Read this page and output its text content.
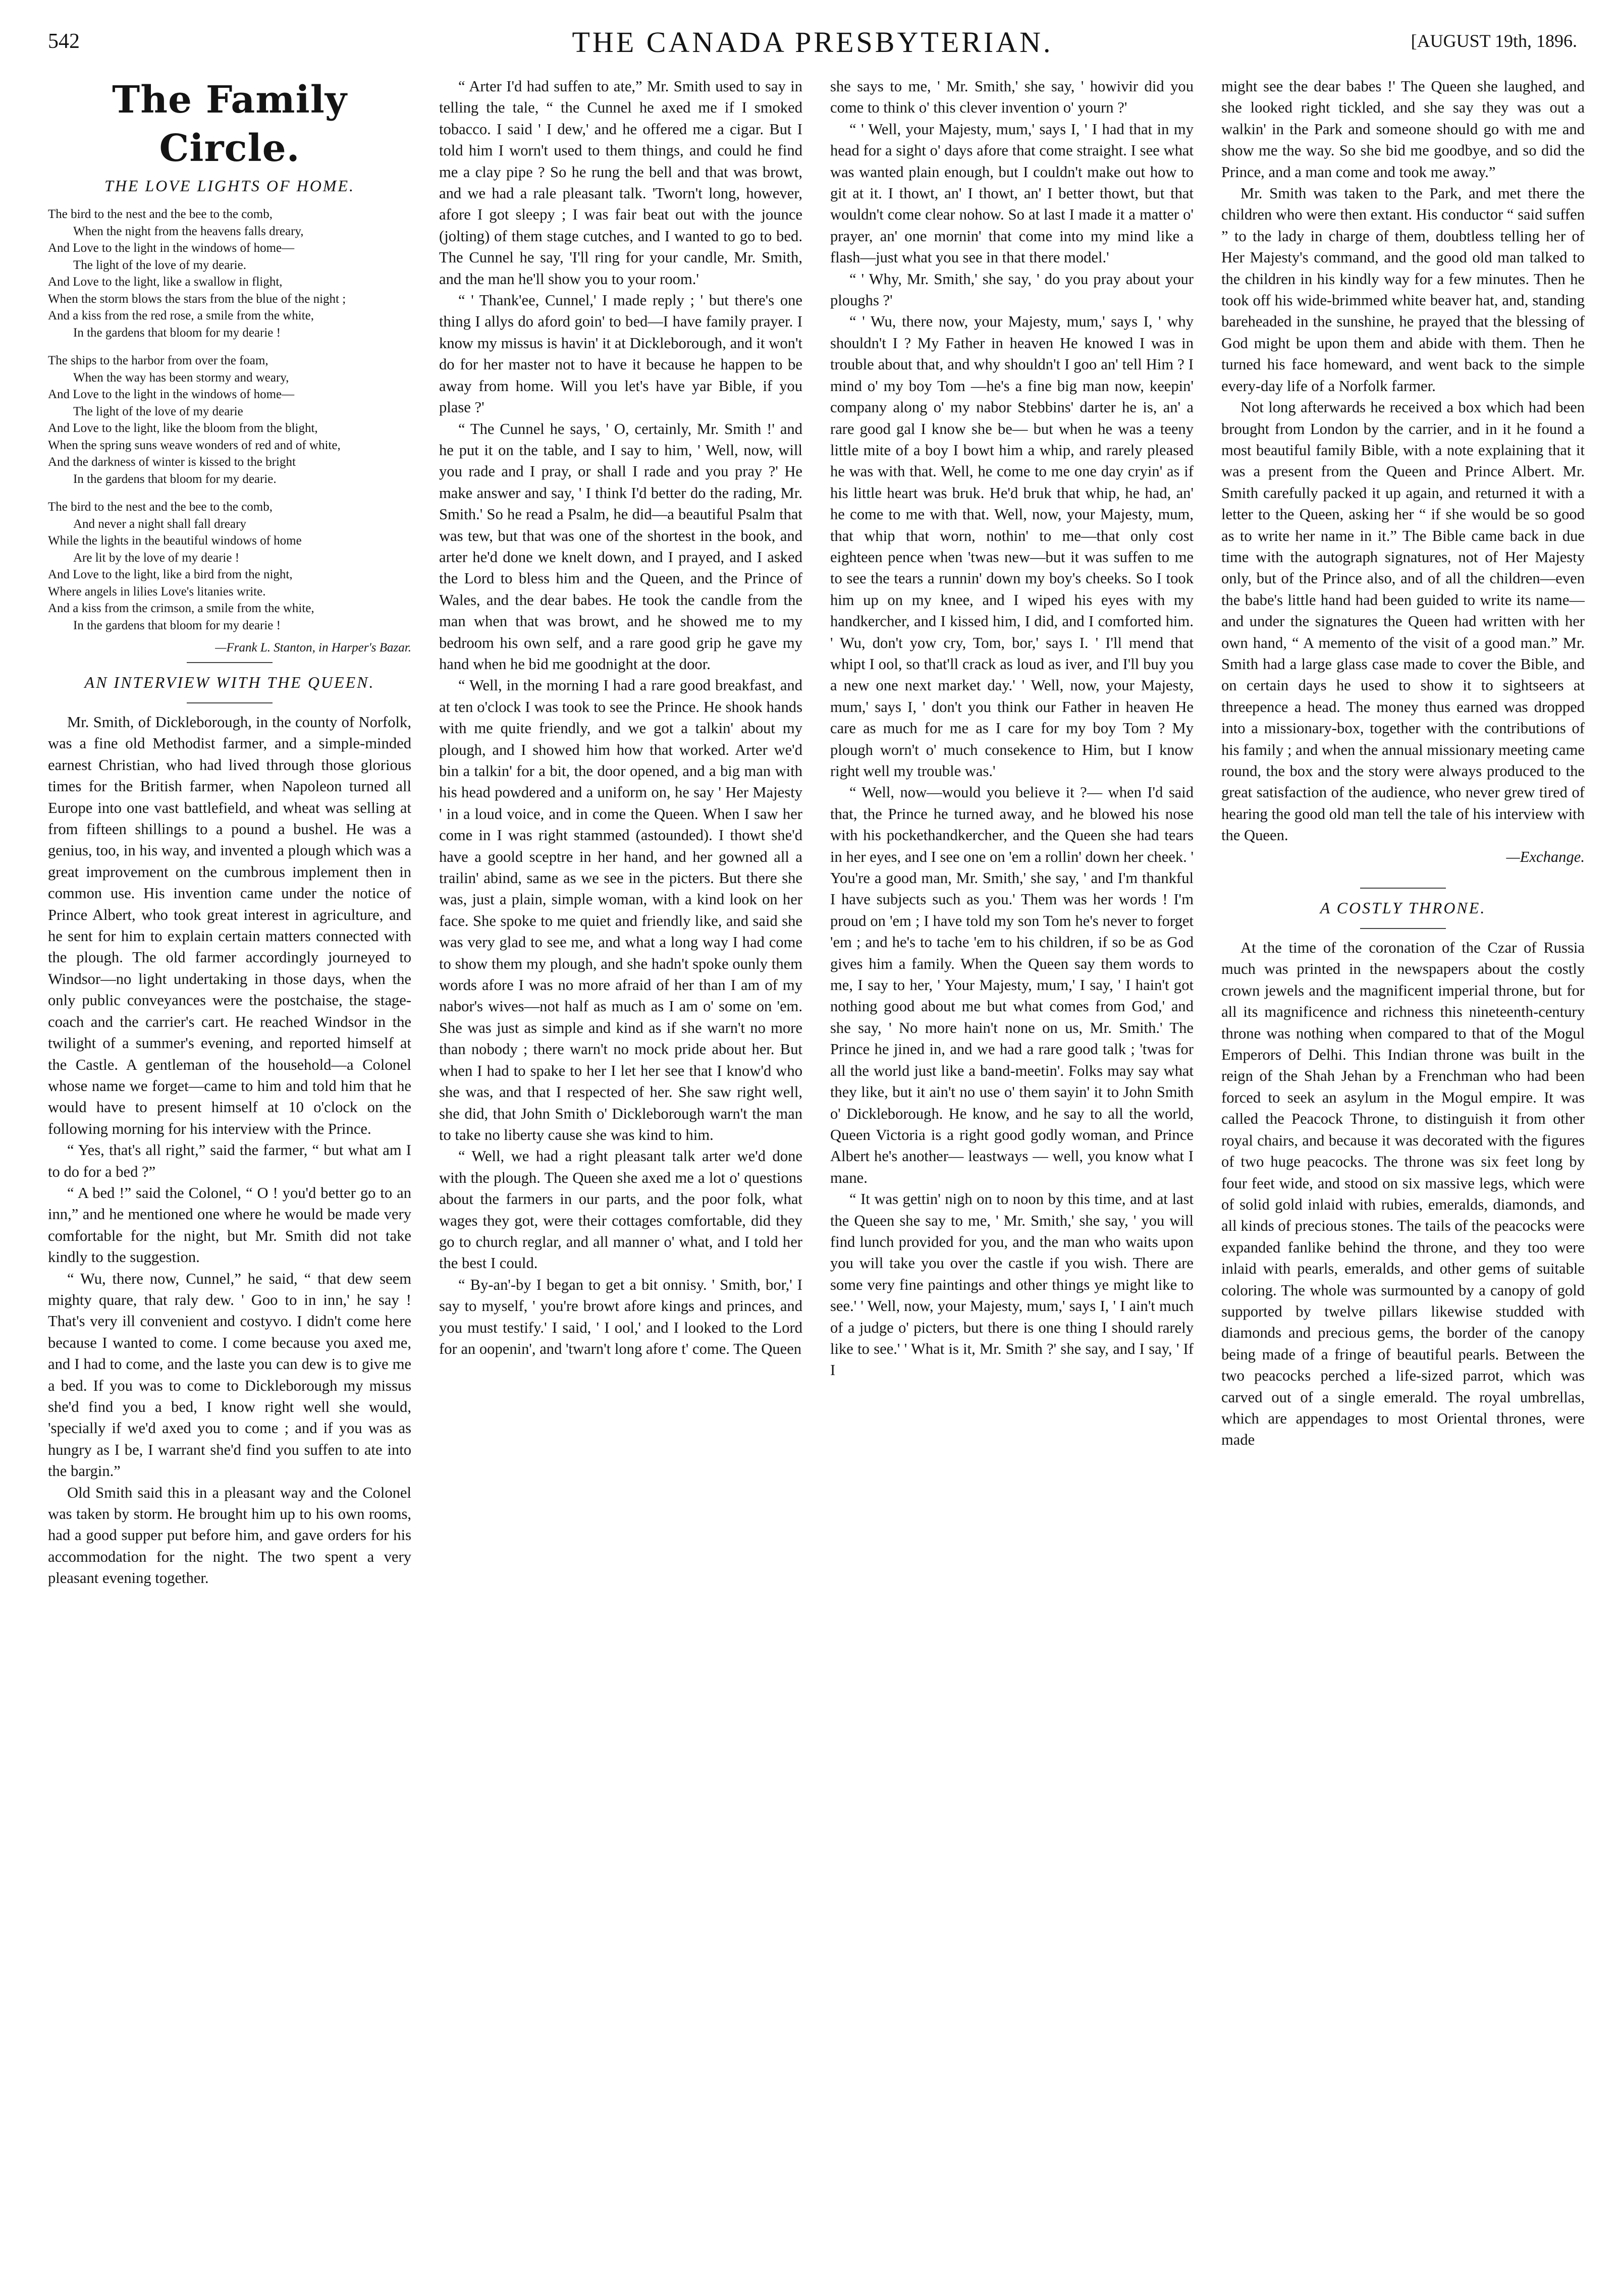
542	THE CANADA PRESBYTERIAN.	[AUGUST 19th, 1896.
The Family Circle.
THE LOVE LIGHTS OF HOME.
The bird to the nest and the bee to the comb,
When the night from the heavens falls dreary,
And Love to the light in the windows of home—
The light of the love of my dearie.
And Love to the light, like a swallow in flight,
When the storm blows the stars from the blue of the night ;
And a kiss from the red rose, a smile from the white,
In the gardens that bloom for my dearie !
The ships to the harbor from over the foam,
When the way has been stormy and weary,
And Love to the light in the windows of home—
The light of the love of my dearie
And Love to the light, like the bloom from the blight,
When the spring suns weave wonders of red and of white,
And the darkness of winter is kissed to the bright
In the gardens that bloom for my dearie.
The bird to the nest and the bee to the comb,
And never a night shall fall dreary
While the lights in the beautiful windows of home
Are lit by the love of my dearie !
And Love to the light, like a bird from the night,
Where angels in lilies Love's litanies write.
And a kiss from the crimson, a smile from the white,
In the gardens that bloom for my dearie !
—Frank L. Stanton, in Harper's Bazar.
AN INTERVIEW WITH THE QUEEN.

Mr. Smith, of Dickleborough, in the county of Norfolk, was a fine old Methodist farmer, and a simple-minded earnest Christian, who had lived through those glorious times for the British farmer, when Napoleon turned all Europe into one vast battlefield, and wheat was selling at from fifteen shillings to a pound a bushel. He was a genius, too, in his way, and invented a plough which was a great improvement on the cumbrous implement then in common use. His invention came under the notice of Prince Albert, who took great interest in agriculture, and he sent for him to explain certain matters connected with the plough. The old farmer accordingly journeyed to Windsor—no light undertaking in those days, when the only public conveyances were the postchaise, the stage-coach and the carrier's cart. He reached Windsor in the twilight of a summer's evening, and reported himself at the Castle. A gentleman of the household—a Colonel whose name we forget—came to him and told him that he would have to present himself at 10 o'clock on the following morning for his interview with the Prince.

“ Yes, that's all right,” said the farmer, “ but what am I to do for a bed ?”

“ A bed !” said the Colonel, “ O ! you'd better go to an inn,” and he mentioned one where he would be made very comfortable for the night, but Mr. Smith did not take kindly to the suggestion.

“ Wu, there now, Cunnel,” he said, “ that dew seem mighty quare, that raly dew. ' Goo to in inn,' he say ! That's very ill convenient and costyvo. I didn't come here because I wanted to come. I come because you axed me, and I had to come, and the laste you can dew is to give me a bed. If you was to come to Dickleborough my missus she'd find you a bed, I know right well she would, 'specially if we'd axed you to come ; and if you was as hungry as I be, I warrant she'd find you suffen to ate into the bargin.”

Old Smith said this in a pleasant way and the Colonel was taken by storm. He brought him up to his own rooms, had a good supper put before him, and gave orders for his accommodation for the night. The two spent a very pleasant evening together.

“ Arter I'd had suffen to ate,” Mr. Smith used to say in telling the tale, “ the Cunnel he axed me if I smoked tobacco. I said ' I dew,' and he offered me a cigar. But I told him I worn't used to them things, and could he find me a clay pipe ? So he rung the bell and that was browt, and we had a rale pleasant talk. 'Tworn't long, however, afore I got sleepy ; I was fair beat out with the jounce (jolting) of them stage cutches, and I wanted to go to bed. The Cunnel he say, 'I'll ring for your candle, Mr. Smith, and the man he'll show you to your room.'

“ ' Thank'ee, Cunnel,' I made reply ; ' but there's one thing I allys do aford goin' to bed—I have family prayer. I know my missus is havin' it at Dickleborough, and it won't do for her master not to have it because he happen to be away from home. Will you let's have yar Bible, if you plase ?'

“ The Cunnel he says, ' O, certainly, Mr. Smith !' and he put it on the table, and I say to him, ' Well, now, will you rade and I pray, or shall I rade and you pray ?' He make answer and say, ' I think I'd better do the rading, Mr. Smith.' So he read a Psalm, he did—a beautiful Psalm that was tew, but that was one of the shortest in the book, and arter he'd done we knelt down, and I prayed, and I asked the Lord to bless him and the Queen, and the Prince of Wales, and the dear babes. He took the candle from the man when that was browt, and he showed me to my bedroom his own self, and a rare good grip he gave my hand when he bid me goodnight at the door.

“ Well, in the morning I had a rare good breakfast, and at ten o'clock I was took to see the Prince. He shook hands with me quite friendly, and we got a talkin' about my plough, and I showed him how that worked. Arter we'd bin a talkin' for a bit, the door opened, and a big man with his head powdered and a uniform on, he say ' Her Majesty ' in a loud voice, and in come the Queen. When I saw her come in I was right stammed (astounded). I thowt she'd have a goold sceptre in her hand, and her gowned all a trailin' abind, same as we see in the picters. But there she was, just a plain, simple woman, with a kind look on her face. She spoke to me quiet and friendly like, and said she was very glad to see me, and what a long way I had come to show them my plough, and she hadn't spoke ounly them words afore I was no more afraid of her than I am of my nabor's wives—not half as much as I am o' some on 'em. She was just as simple and kind as if she warn't no more than nobody ; there warn't no mock pride about her. But when I had to spake to her I let her see that I know'd who she was, and that I respected of her. She saw right well, she did, that John Smith o' Dickleborough warn't the man to take no liberty cause she was kind to him.

“ Well, we had a right pleasant talk arter we'd done with the plough. The Queen she axed me a lot o' questions about the farmers in our parts, and the poor folk, what wages they got, were their cottages comfortable, did they go to church reglar, and all manner o' what, and I told her the best I could.

“ By-an'-by I began to get a bit onnisy. ' Smith, bor,' I say to myself, ' you're browt afore kings and princes, and you must testify.' I said, ' I ool,' and I looked to the Lord for an oopenin', and 'twarn't long afore t' come. The Queen

she says to me, ' Mr. Smith,' she say, ' howivir did you come to think o' this clever invention o' yourn ?'

“ ' Well, your Majesty, mum,' says I, ' I had that in my head for a sight o' days afore that come straight. I see what was wanted plain enough, but I couldn't make out how to git at it. I thowt, an' I thowt, an' I better thowt, but that wouldn't come clear nohow. So at last I made it a matter o' prayer, an' one mornin' that come into my mind like a flash—just what you see in that there model.'

“ ' Why, Mr. Smith,' she say, ' do you pray about your ploughs ?'

“ ' Wu, there now, your Majesty, mum,' says I, ' why shouldn't I ? My Father in heaven He knowed I was in trouble about that, and why shouldn't I goo an' tell Him ? I mind o' my boy Tom —he's a fine big man now, keepin' company along o' my nabor Stebbins' darter he is, an' a rare good gal I know she be— but when he was a teeny little mite of a boy I bowt him a whip, and rarely pleased he was with that. Well, he come to me one day cryin' as if his little heart was bruk. He'd bruk that whip, he had, an' he come to me with that. Well, now, your Majesty, mum, that whip that worn, nothin' to me—that only cost eighteen pence when 'twas new—but it was suffen to me to see the tears a runnin' down my boy's cheeks. So I took him up on my knee, and I wiped his eyes with my handkercher, and I kissed him, I did, and I comforted him. ' Wu, don't yow cry, Tom, bor,' says I. ' I'll mend that whipt I ool, so that'll crack as loud as iver, and I'll buy you a new one next market day.' ' Well, now, your Majesty, mum,' says I, ' don't you think our Father in heaven He care as much for me as I care for my boy Tom ? My plough worn't o' much consekence to Him, but I know right well my trouble was.'

“ Well, now—would you believe it ?— when I'd said that, the Prince he turned away, and he blowed his nose with his pockethandkercher, and the Queen she had tears in her eyes, and I see one on 'em a rollin' down her cheek. ' You're a good man, Mr. Smith,' she say, ' and I'm thankful I have subjects such as you.' Them was her words ! I'm proud on 'em ; I have told my son Tom he's never to forget 'em ; and he's to tache 'em to his children, if so be as God gives him a family. When the Queen say them words to me, I say to her, ' Your Majesty, mum,' I say, ' I hain't got nothing good about me but what comes from God,' and she say, ' No more hain't none on us, Mr. Smith.' The Prince he jined in, and we had a rare good talk ; 'twas for all the world just like a band-meetin'. Folks may say what they like, but it ain't no use o' them sayin' it to John Smith o' Dickleborough. He know, and he say to all the world, Queen Victoria is a right good godly woman, and Prince Albert he's another— leastways — well, you know what I mane.

“ It was gettin' nigh on to noon by this time, and at last the Queen she say to me, ' Mr. Smith,' she say, ' you will find lunch provided for you, and the man who waits upon you will take you over the castle if you wish. There are some very fine paintings and other things ye might like to see.' ' Well, now, your Majesty, mum,' says I, ' I ain't much of a judge o' picters, but there is one thing I should rarely like to see.' ' What is it, Mr. Smith ?' she say, and I say, ' If I

might see the dear babes !' The Queen she laughed, and she looked right tickled, and she say they was out a walkin' in the Park and someone should go with me and show me the way. So she bid me goodbye, and so did the Prince, and a man come and took me away.”

Mr. Smith was taken to the Park, and met there the children who were then extant. His conductor “ said suffen ” to the lady in charge of them, doubtless telling her of Her Majesty's command, and the good old man talked to the children in his kindly way for a few minutes. Then he took off his wide-brimmed white beaver hat, and, standing bareheaded in the sunshine, he prayed that the blessing of God might be upon them and abide with them. Then he turned his face homeward, and went back to the simple every-day life of a Norfolk farmer.

Not long afterwards he received a box which had been brought from London by the carrier, and in it he found a most beautiful family Bible, with a note explaining that it was a present from the Queen and Prince Albert. Mr. Smith carefully packed it up again, and returned it with a letter to the Queen, asking her “ if she would be so good as to write her name in it.” The Bible came back in due time with the autograph signatures, not of Her Majesty only, but of the Prince also, and of all the children—even the babe's little hand had been guided to write its name—and under the signatures the Queen had written with her own hand, “ A memento of the visit of a good man.” Mr. Smith had a large glass case made to cover the Bible, and on certain days he used to show it to sightseers at threepence a head. The money thus earned was dropped into a missionary-box, together with the contributions of his family ; and when the annual missionary meeting came round, the box and the story were always produced to the great satisfaction of the audience, who never grew tired of hearing the good old man tell the tale of his interview with the Queen.

—Exchange.

A COSTLY THRONE.

At the time of the coronation of the Czar of Russia much was printed in the newspapers about the costly crown jewels and the magnificent imperial throne, but for all its magnificence and richness this nineteenth-century throne was nothing when compared to that of the Mogul Emperors of Delhi. This Indian throne was built in the reign of the Shah Jehan by a Frenchman who had been forced to seek an asylum in the Mogul empire. It was called the Peacock Throne, to distinguish it from other royal chairs, and because it was decorated with the figures of two huge peacocks. The throne was six feet long by four feet wide, and stood on six massive legs, which were of solid gold inlaid with rubies, emeralds, diamonds, and all kinds of precious stones. The tails of the peacocks were expanded fanlike behind the throne, and they too were inlaid with pearls, emeralds, and other gems of suitable coloring. The whole was surmounted by a canopy of gold supported by twelve pillars likewise studded with diamonds and precious gems, the border of the canopy being made of a fringe of beautiful pearls. Between the two peacocks perched a life-sized parrot, which was carved out of a single emerald. The royal umbrellas, which are appendages to most Oriental thrones, were made
